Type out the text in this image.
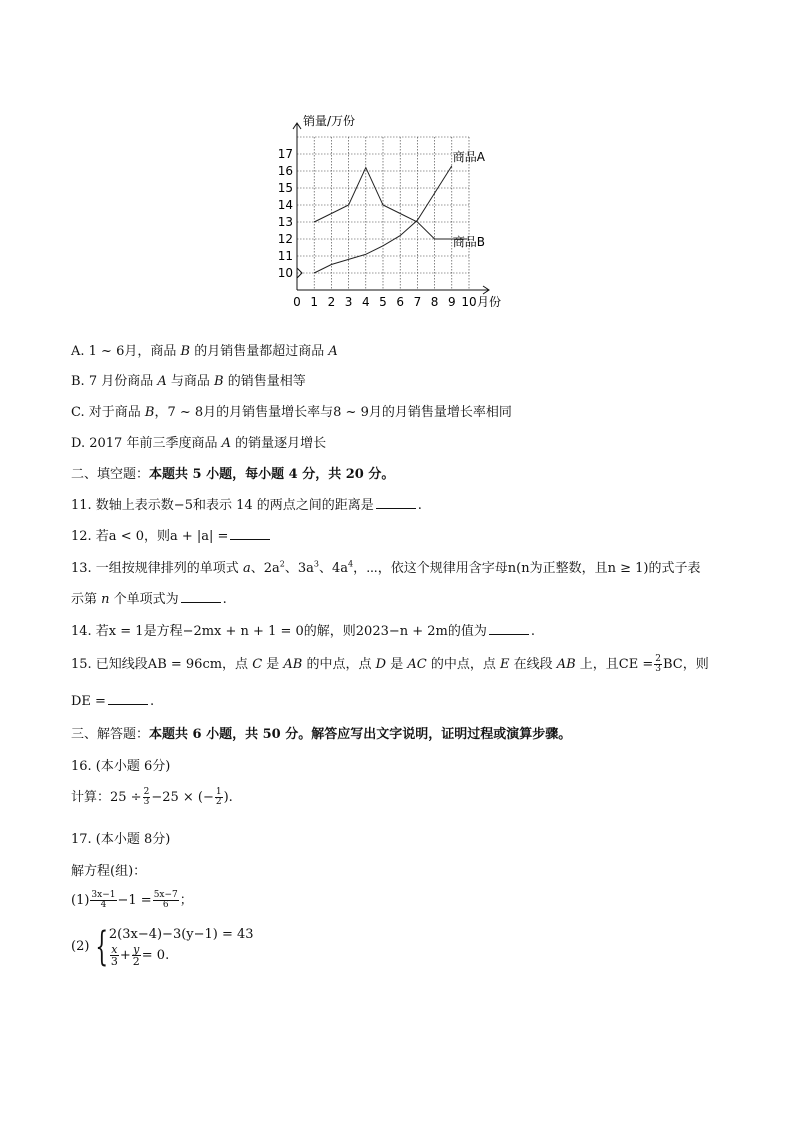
0 1 2 3 4 5 6 7 8 9 10
10
11
12
13
14
15
16
17
销量/万份
月份
商品A
商品B
A. 1 ~ 6月，商品 B 的月销售量都超过商品 A
B. 7 月份商品 A 与商品 B 的销售量相等
C. 对于商品 B，7 ~ 8月的月销售量增长率与8 ~ 9月的月销售量增长率相同
D. 2017 年前三季度商品 A 的销量逐月增长
二、填空题：本题共 5 小题，每小题 4 分，共 20 分。
11. 数轴上表示数−5和表示 14 的两点之间的距离是	.
12. 若a < 0，则a + |a| =
13. 一组按规律排列的单项式 a、$2a^2$、$3a^3$、$4a^4$，⋯，依这个规律用含字母n(n为正整数，且n ≥ 1)的式子表
示第 n 个单项式为	.
14. 若x = 1是方程−2mx + n + 1 = 0的解，则2023−n + 2m的值为	.
15. 已知线段AB = 96cm，点 C 是 AB 的中点，点 D 是 AC 的中点，点 E 在线段 AB 上，且CE = $\frac{2}{3}$ BC，则
DE =	.
三、解答题：本题共 6 小题，共 50 分。解答应写出文字说明，证明过程或演算步骤。
16. (本小题 6分)
计算：$25 \div \frac{2}{3} -25$ × (− $\frac{1}{2}$ ).
17. (本小题 8分)
解方程(组)：
$(1) \frac{3x-1}{4} -1 = \frac{5x-7}{6}$ ；
(2) { 2(3x−4)−3(y−1) = 43
$\frac{x}{3} + \frac{y}{2} = 0$.
